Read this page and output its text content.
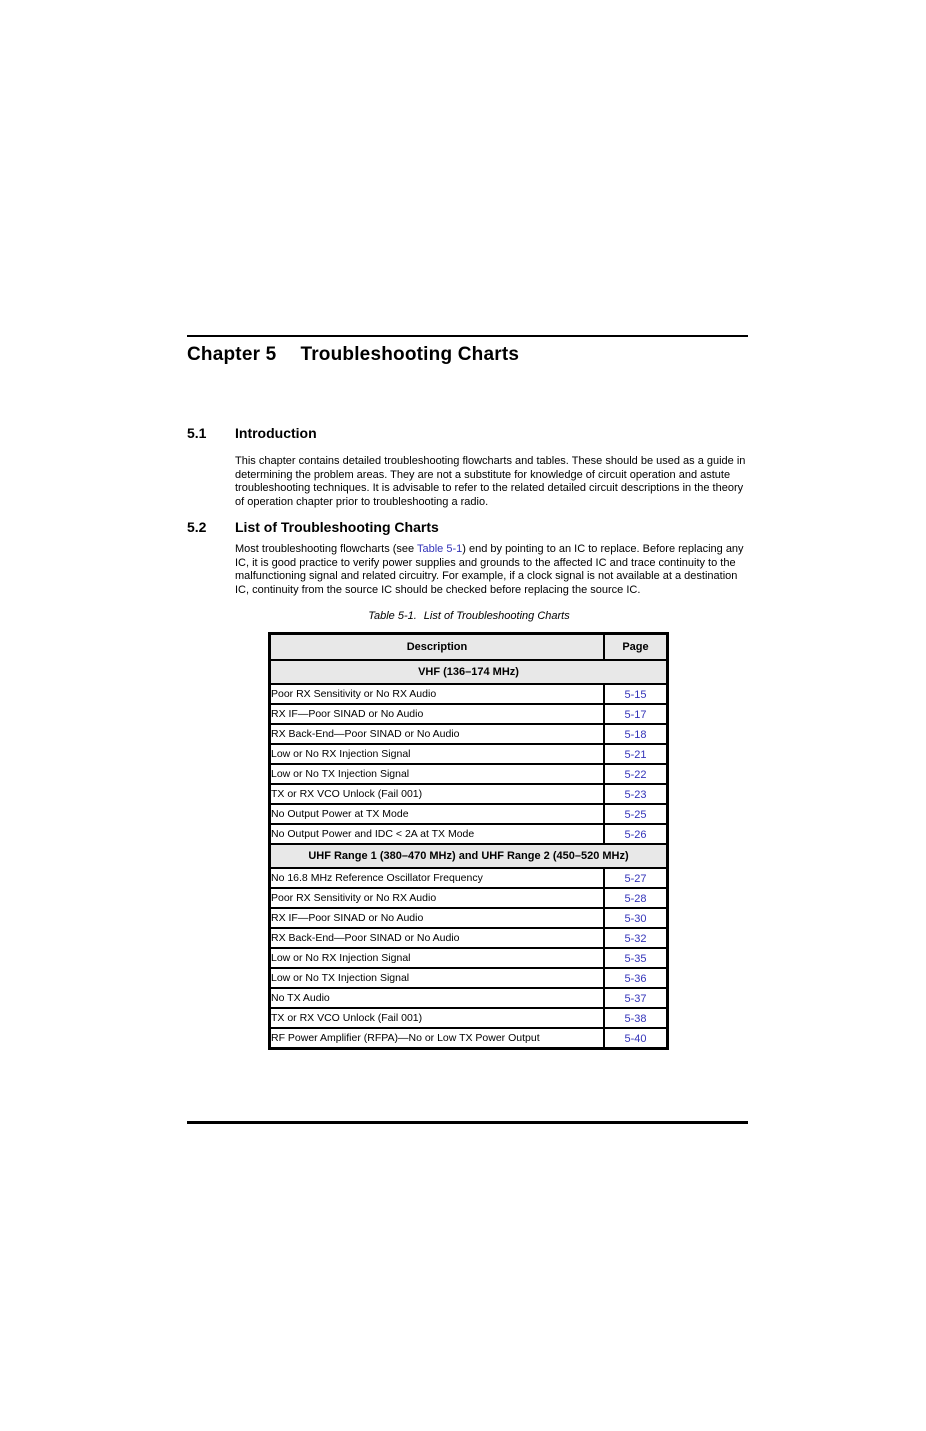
Chapter 5 Troubleshooting Charts
5.1 Introduction

This chapter contains detailed troubleshooting flowcharts and tables. These should be used as a guide in determining the problem areas. They are not a substitute for knowledge of circuit operation and astute troubleshooting techniques. It is advisable to refer to the related detailed circuit descriptions in the theory of operation chapter prior to troubleshooting a radio.

5.2 List of Troubleshooting Charts

Most troubleshooting flowcharts (see Table 5-1) end by pointing to an IC to replace. Before replacing any IC, it is good practice to verify power supplies and grounds to the affected IC and trace continuity to the malfunctioning signal and related circuitry. For example, if a clock signal is not available at a destination IC, continuity from the source IC should be checked before replacing the source IC.

Table 5-1. List of Troubleshooting Charts
Description	Page
VHF (136–174 MHz)	
Poor RX Sensitivity or No RX Audio	5-15
RX IF—Poor SINAD or No Audio	5-17
RX Back-End—Poor SINAD or No Audio	5-18
Low or No RX Injection Signal	5-21
Low or No TX Injection Signal	5-22
TX or RX VCO Unlock (Fail 001)	5-23
No Output Power at TX Mode	5-25
No Output Power and IDC < 2A at TX Mode	5-26
UHF Range 1 (380–470 MHz) and UHF Range 2 (450–520 MHz)	
No 16.8 MHz Reference Oscillator Frequency	5-27
Poor RX Sensitivity or No RX Audio	5-28
RX IF—Poor SINAD or No Audio	5-30
RX Back-End—Poor SINAD or No Audio	5-32
Low or No RX Injection Signal	5-35
Low or No TX Injection Signal	5-36
No TX Audio	5-37
TX or RX VCO Unlock (Fail 001)	5-38
RF Power Amplifier (RFPA)—No or Low TX Power Output	5-40
